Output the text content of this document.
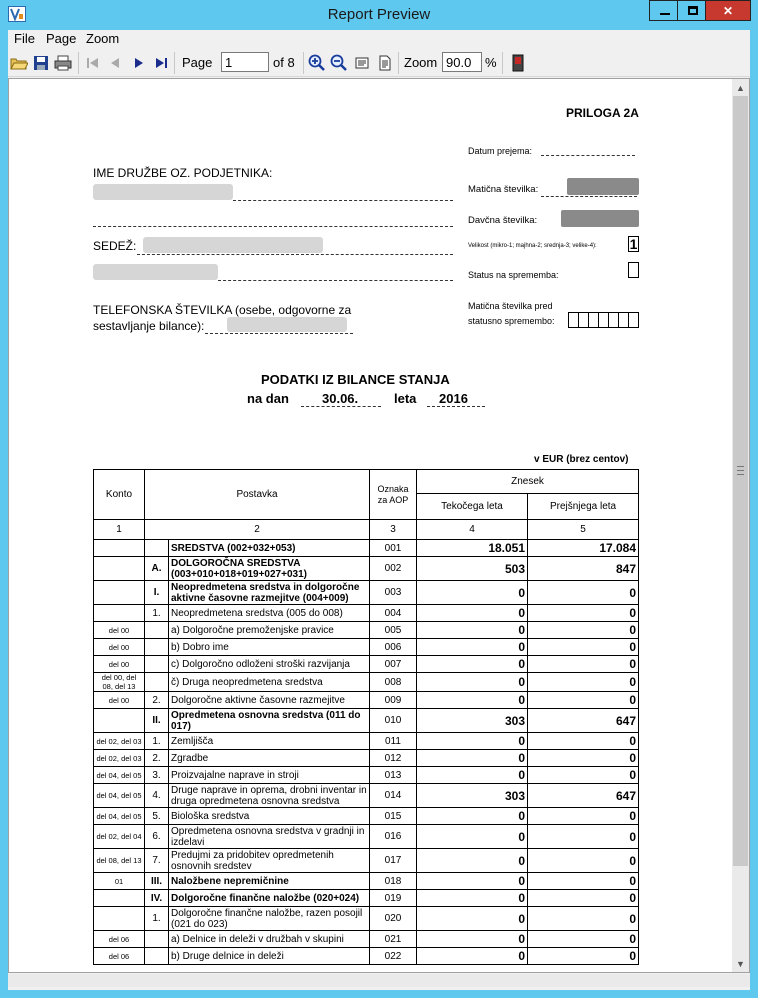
Report Preview	✕
File Page Zoom
Page
1	of 8	Zoom
90.0	%
PRILOGA 2A
IME DRUŽBE OZ. PODJETNIKA:
SEDEŽ:
TELEFONSKA ŠTEVILKA (osebe, odgovorne za
sestavljanje bilance):
Datum prejema:
Matična številka:
Davčna številka:
Velikost (mikro-1; majhna-2; srednja-3; velike-4): 1
Status na sprememba:
Matična številka pred
statusno spremembo:
PODATKI IZ BILANCE STANJA
na dan	30.06.	leta 2016
v EUR (brez centov)
Konto	Postavka		Oznaka za AOP	Znesek	
				Tekočega leta	Prejšnjega leta
1	2		3	4	5
		SREDSTVA (002+032+053)	001	18.051	17.084
	A.	DOLGOROČNA SREDSTVA (003+010+018+019+027+031)	002	503	847
	I.	Neopredmetena sredstva in dolgoročne aktivne časovne razmejitve (004+009)	003	0	0
	1.	Neopredmetena sredstva (005 do 008)	004	0	0
del 00		a) Dolgoročne premoženjske pravice	005	0	0
del 00		b) Dobro ime	006	0	0
del 00		c) Dolgoročno odloženi stroški razvijanja	007	0	0
del 00, del 08, del 13		č) Druga neopredmetena sredstva	008	0	0
del 00	2.	Dolgoročne aktivne časovne razmejitve	009	0	0
	II.	Opredmetena osnovna sredstva (011 do 017)	010	303	647
del 02, del 03	1.	Zemljišča	011	0	0
del 02, del 03	2.	Zgradbe	012	0	0
del 04, del 05	3.	Proizvajalne naprave in stroji	013	0	0
del 04, del 05	4.	Druge naprave in oprema, drobni inventar in druga opredmetena osnovna sredstva	014	303	647
del 04, del 05	5.	Biološka sredstva	015	0	0
del 02, del 04	6.	Opredmetena osnovna sredstva v gradnji in izdelavi	016	0	0
del 08, del 13	7.	Predujmi za pridobitev opredmetenih osnovnih sredstev	017	0	0
01	III.	Naložbene nepremičnine	018	0	0
	IV.	Dolgoročne finančne naložbe (020+024)	019	0	0
	1.	Dolgoročne finančne naložbe, razen posojil (021 do 023)	020	0	0
del 06		a) Delnice in deleži v družbah v skupini	021	0	0
del 06		b) Druge delnice in deleži	022	0	0
▲
▼
